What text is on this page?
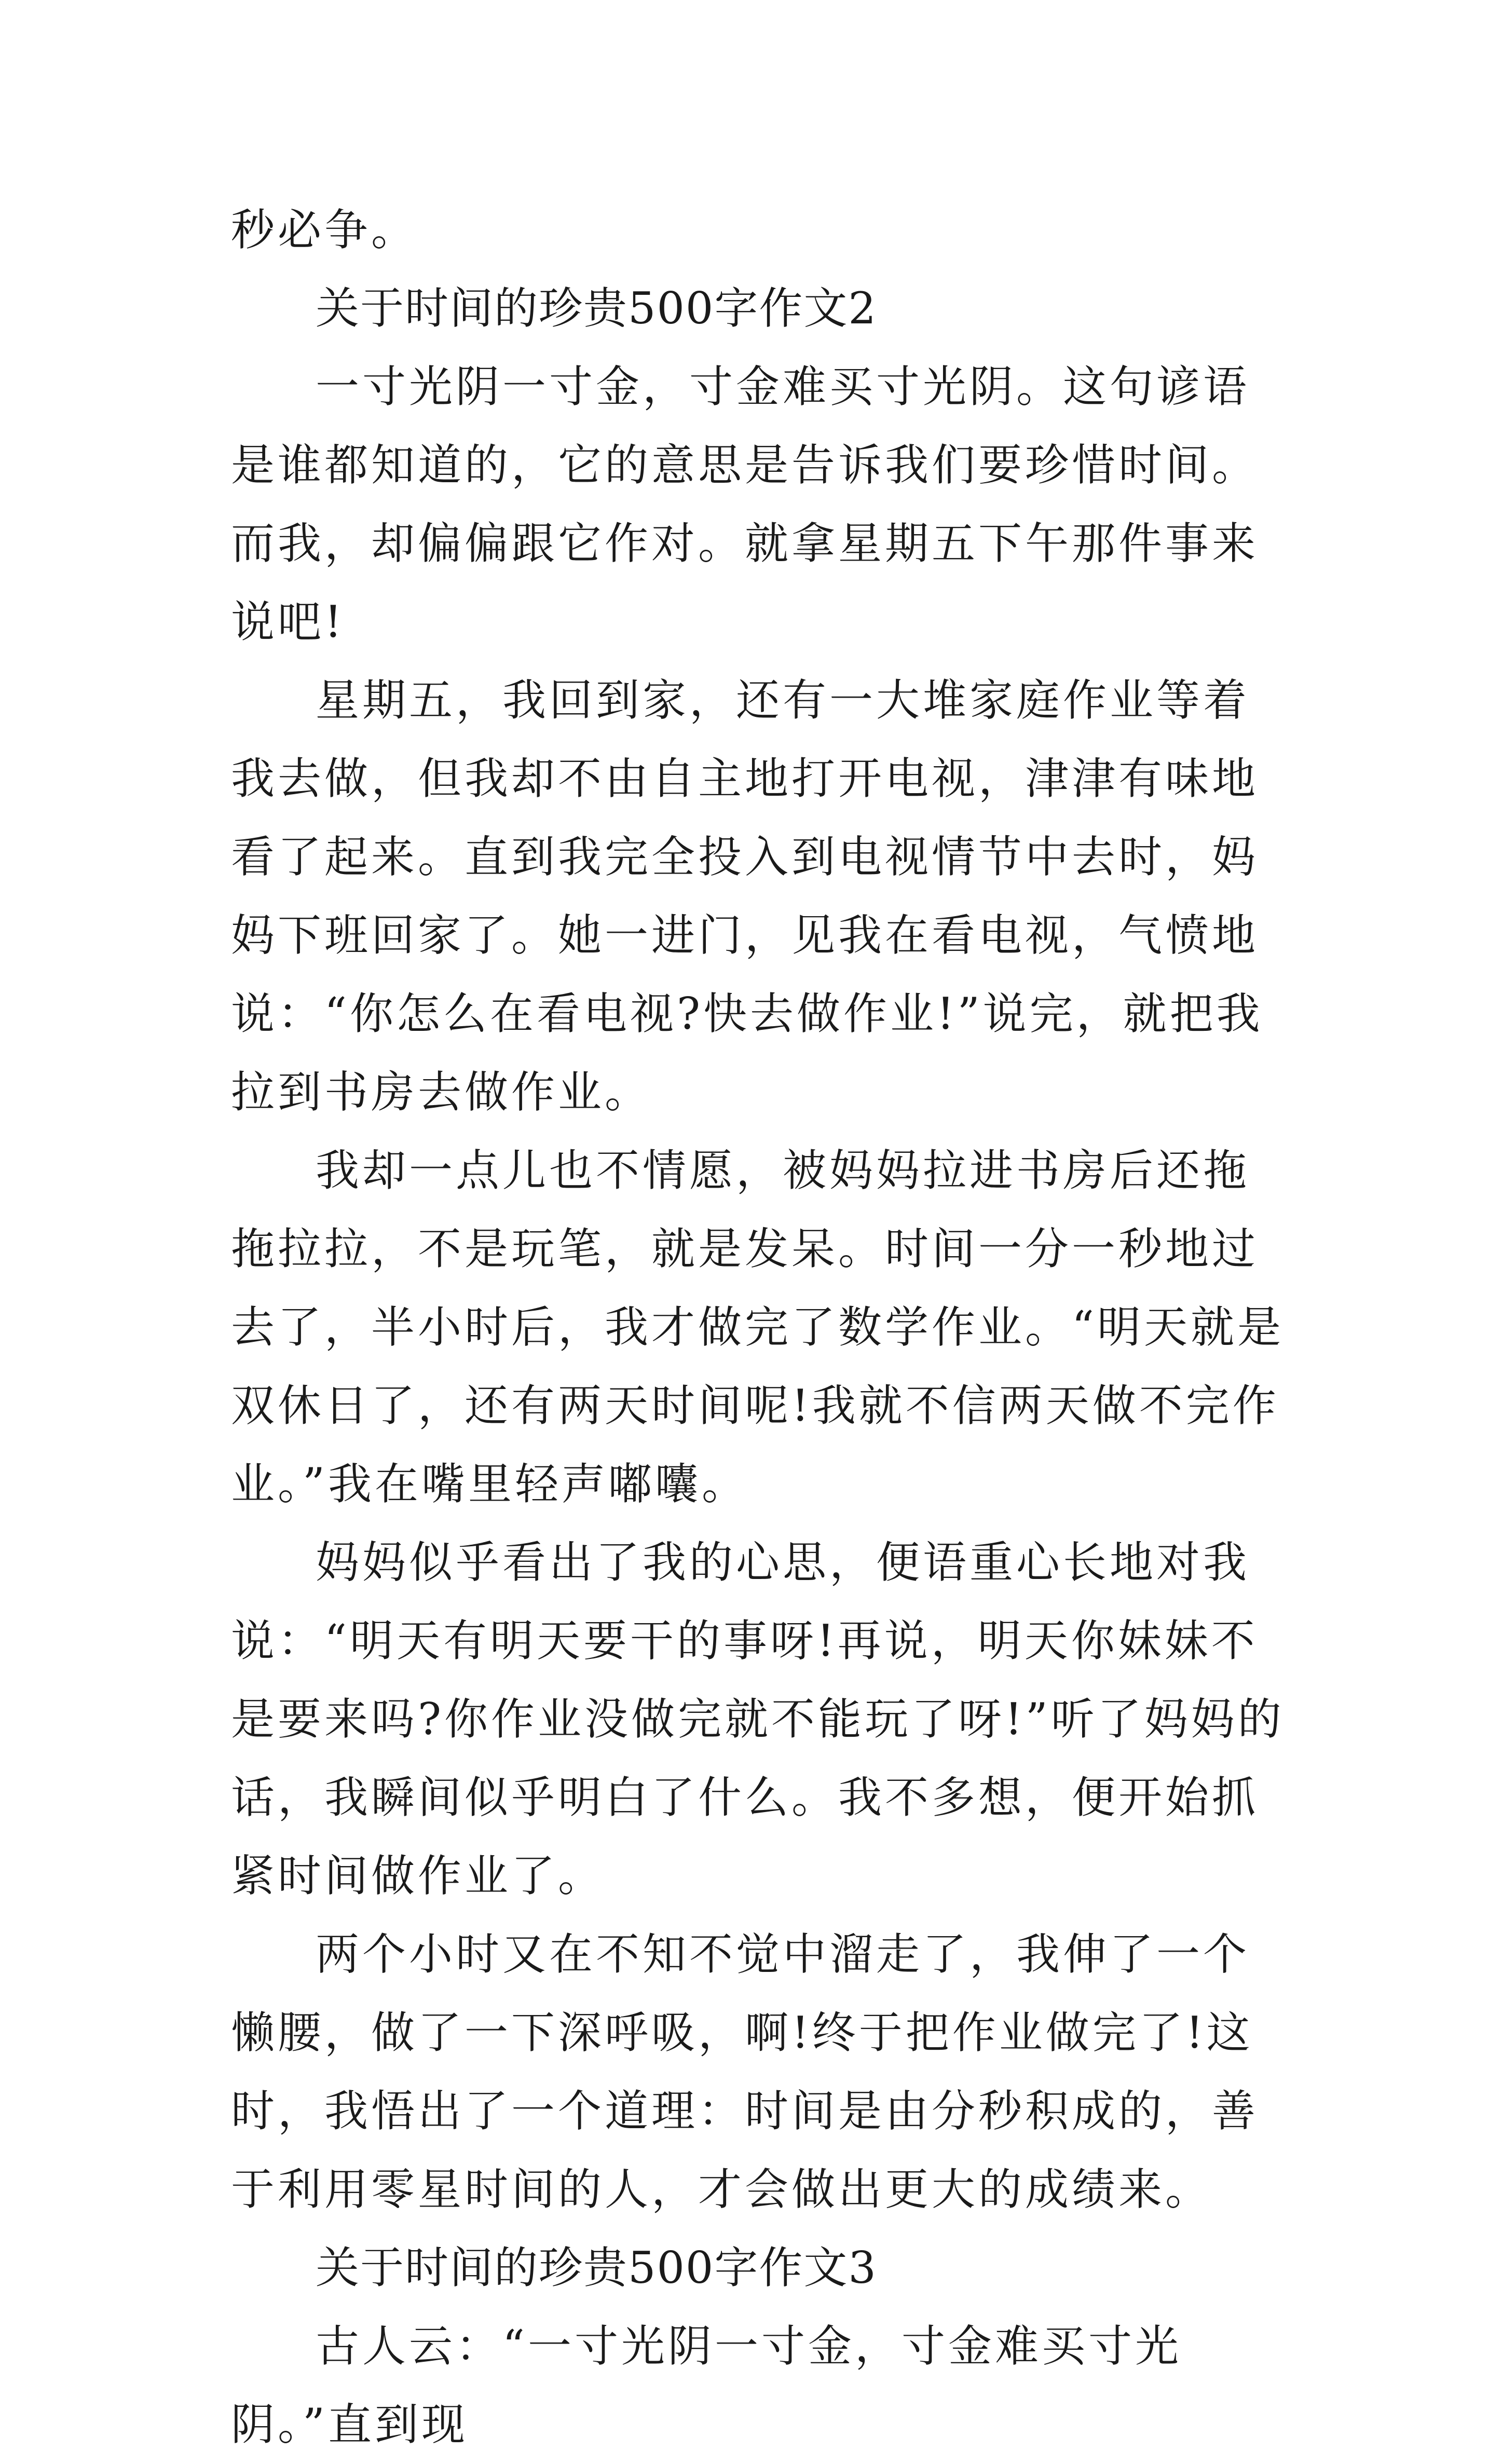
秒必争。

关于时间的珍贵500字作文2

一寸光阴一寸金，寸金难买寸光阴。这句谚语是谁都知道的，它的意思是告诉我们要珍惜时间。而我，却偏偏跟它作对。就拿星期五下午那件事来说吧!

星期五，我回到家，还有一大堆家庭作业等着我去做，但我却不由自主地打开电视，津津有味地看了起来。直到我完全投入到电视情节中去时，妈妈下班回家了。她一进门，见我在看电视，气愤地说：“你怎么在看电视?快去做作业!”说完，就把我拉到书房去做作业。

我却一点儿也不情愿，被妈妈拉进书房后还拖拖拉拉，不是玩笔，就是发呆。时间一分一秒地过去了，半小时后，我才做完了数学作业。“明天就是双休日了，还有两天时间呢!我就不信两天做不完作业。”我在嘴里轻声嘟囔。

妈妈似乎看出了我的心思，便语重心长地对我说：“明天有明天要干的事呀!再说，明天你妹妹不是要来吗?你作业没做完就不能玩了呀!”听了妈妈的话，我瞬间似乎明白了什么。我不多想，便开始抓紧时间做作业了。

两个小时又在不知不觉中溜走了，我伸了一个懒腰，做了一下深呼吸，啊!终于把作业做完了!这时，我悟出了一个道理：时间是由分秒积成的，善于利用零星时间的人，才会做出更大的成绩来。

关于时间的珍贵500字作文3

古人云：“一寸光阴一寸金，寸金难买寸光阴。”直到现
